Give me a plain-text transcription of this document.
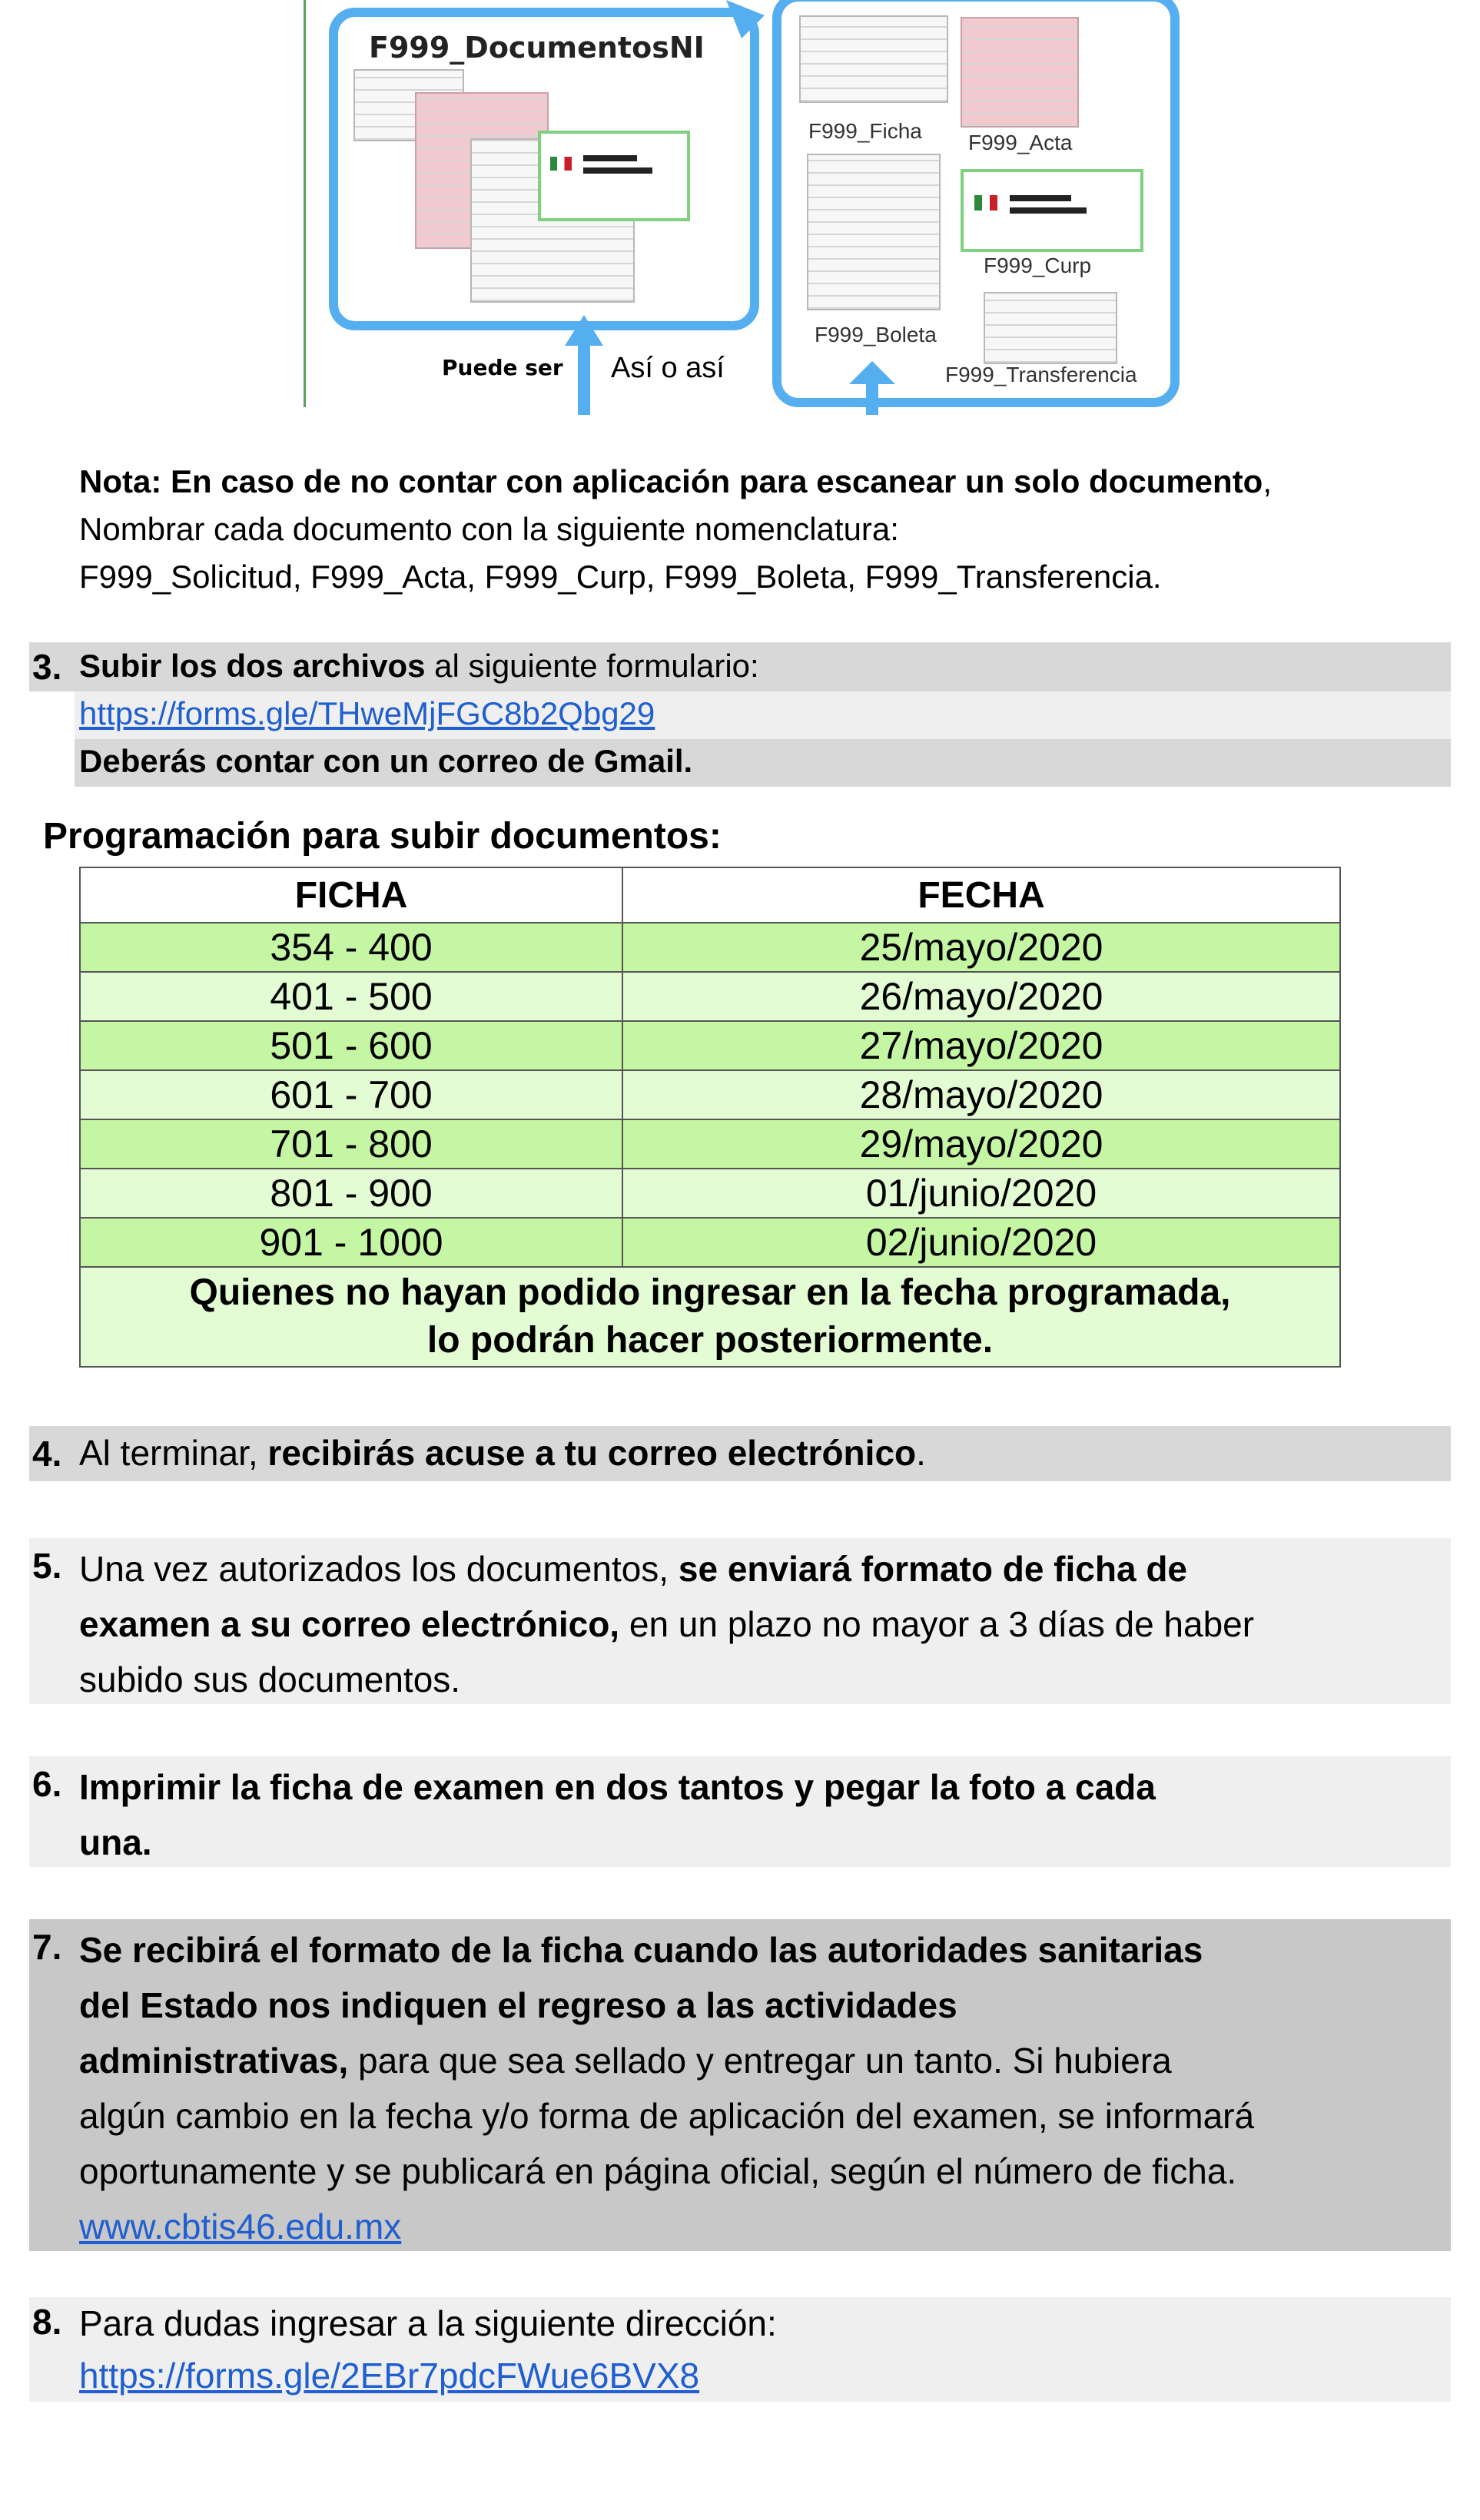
F999_DocumentosNI
Puede ser Así o así
F999_Ficha F999_Acta
F999_Curp
F999_Boleta
F999_Transferencia
Nota: En caso de no contar con aplicación para escanear un solo documento,
Nombrar cada documento con la siguiente nomenclatura:
F999_Solicitud, F999_Acta, F999_Curp, F999_Boleta, F999_Transferencia.
3. Subir los dos archivos al siguiente formulario:
https://forms.gle/THweMjFGC8b2Qbg29
Deberás contar con un correo de Gmail.
Programación para subir documentos:
FICHA	FECHA
354 - 400	25/mayo/2020
401 - 500	26/mayo/2020
501 - 600	27/mayo/2020
601 - 700	28/mayo/2020
701 - 800	29/mayo/2020
801 - 900	01/junio/2020
901 - 1000	02/junio/2020
Quienes no hayan podido ingresar en la fecha programada,
lo podrán hacer posteriormente.	
4. Al terminar, recibirás acuse a tu correo electrónico.
5. Una vez autorizados los documentos, se enviará formato de ficha de
examen a su correo electrónico, en un plazo no mayor a 3 días de haber
subido sus documentos.
6. Imprimir la ficha de examen en dos tantos y pegar la foto a cada
una.
7. Se recibirá el formato de la ficha cuando las autoridades sanitarias
del Estado nos indiquen el regreso a las actividades
administrativas, para que sea sellado y entregar un tanto. Si hubiera
algún cambio en la fecha y/o forma de aplicación del examen, se informará
oportunamente y se publicará en página oficial, según el número de ficha.
www.cbtis46.edu.mx
8. Para dudas ingresar a la siguiente dirección:
https://forms.gle/2EBr7pdcFWue6BVX8
